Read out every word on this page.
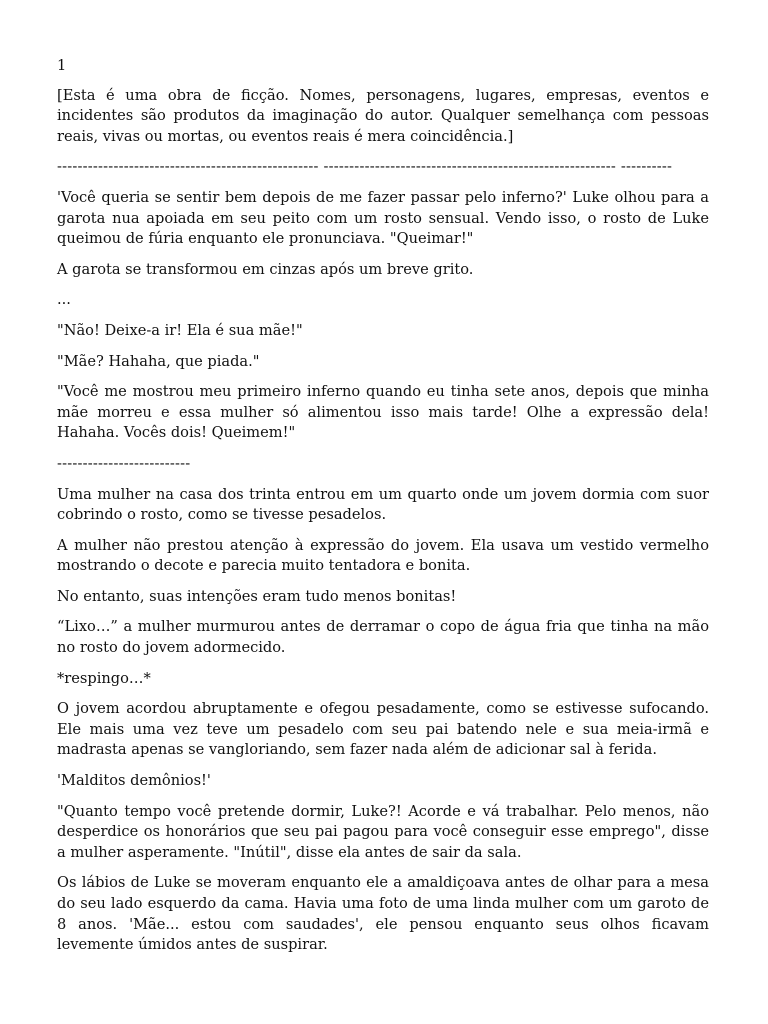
1

[Esta é uma obra de ficção. Nomes, personagens, lugares, empresas, eventos e incidentes são produtos da imaginação do autor. Qualquer semelhança com pessoas reais, vivas ou mortas, ou eventos reais é mera coincidência.]

--------------------------------------------------- --------------------------------------------------------- ----------

'Você queria se sentir bem depois de me fazer passar pelo inferno?' Luke olhou para a garota nua apoiada em seu peito com um rosto sensual. Vendo isso, o rosto de Luke queimou de fúria enquanto ele pronunciava. "Queimar!"

A garota se transformou em cinzas após um breve grito.

...

"Não! Deixe-a ir! Ela é sua mãe!"

"Mãe? Hahaha, que piada."

"Você me mostrou meu primeiro inferno quando eu tinha sete anos, depois que minha mãe morreu e essa mulher só alimentou isso mais tarde! Olhe a expressão dela! Hahaha. Vocês dois! Queimem!"

--------------------------

Uma mulher na casa dos trinta entrou em um quarto onde um jovem dormia com suor cobrindo o rosto, como se tivesse pesadelos.

A mulher não prestou atenção à expressão do jovem. Ela usava um vestido vermelho mostrando o decote e parecia muito tentadora e bonita.

No entanto, suas intenções eram tudo menos bonitas!

“Lixo…” a mulher murmurou antes de derramar o copo de água fria que tinha na mão no rosto do jovem adormecido.

*respingo…*

O jovem acordou abruptamente e ofegou pesadamente, como se estivesse sufocando. Ele mais uma vez teve um pesadelo com seu pai batendo nele e sua meia-irmã e madrasta apenas se vangloriando, sem fazer nada além de adicionar sal à ferida.

'Malditos demônios!'

"Quanto tempo você pretende dormir, Luke?! Acorde e vá trabalhar. Pelo menos, não desperdice os honorários que seu pai pagou para você conseguir esse emprego", disse a mulher asperamente. "Inútil", disse ela antes de sair da sala.

Os lábios de Luke se moveram enquanto ele a amaldiçoava antes de olhar para a mesa do seu lado esquerdo da cama. Havia uma foto de uma linda mulher com um garoto de 8 anos. 'Mãe... estou com saudades', ele pensou enquanto seus olhos ficavam levemente úmidos antes de suspirar.
